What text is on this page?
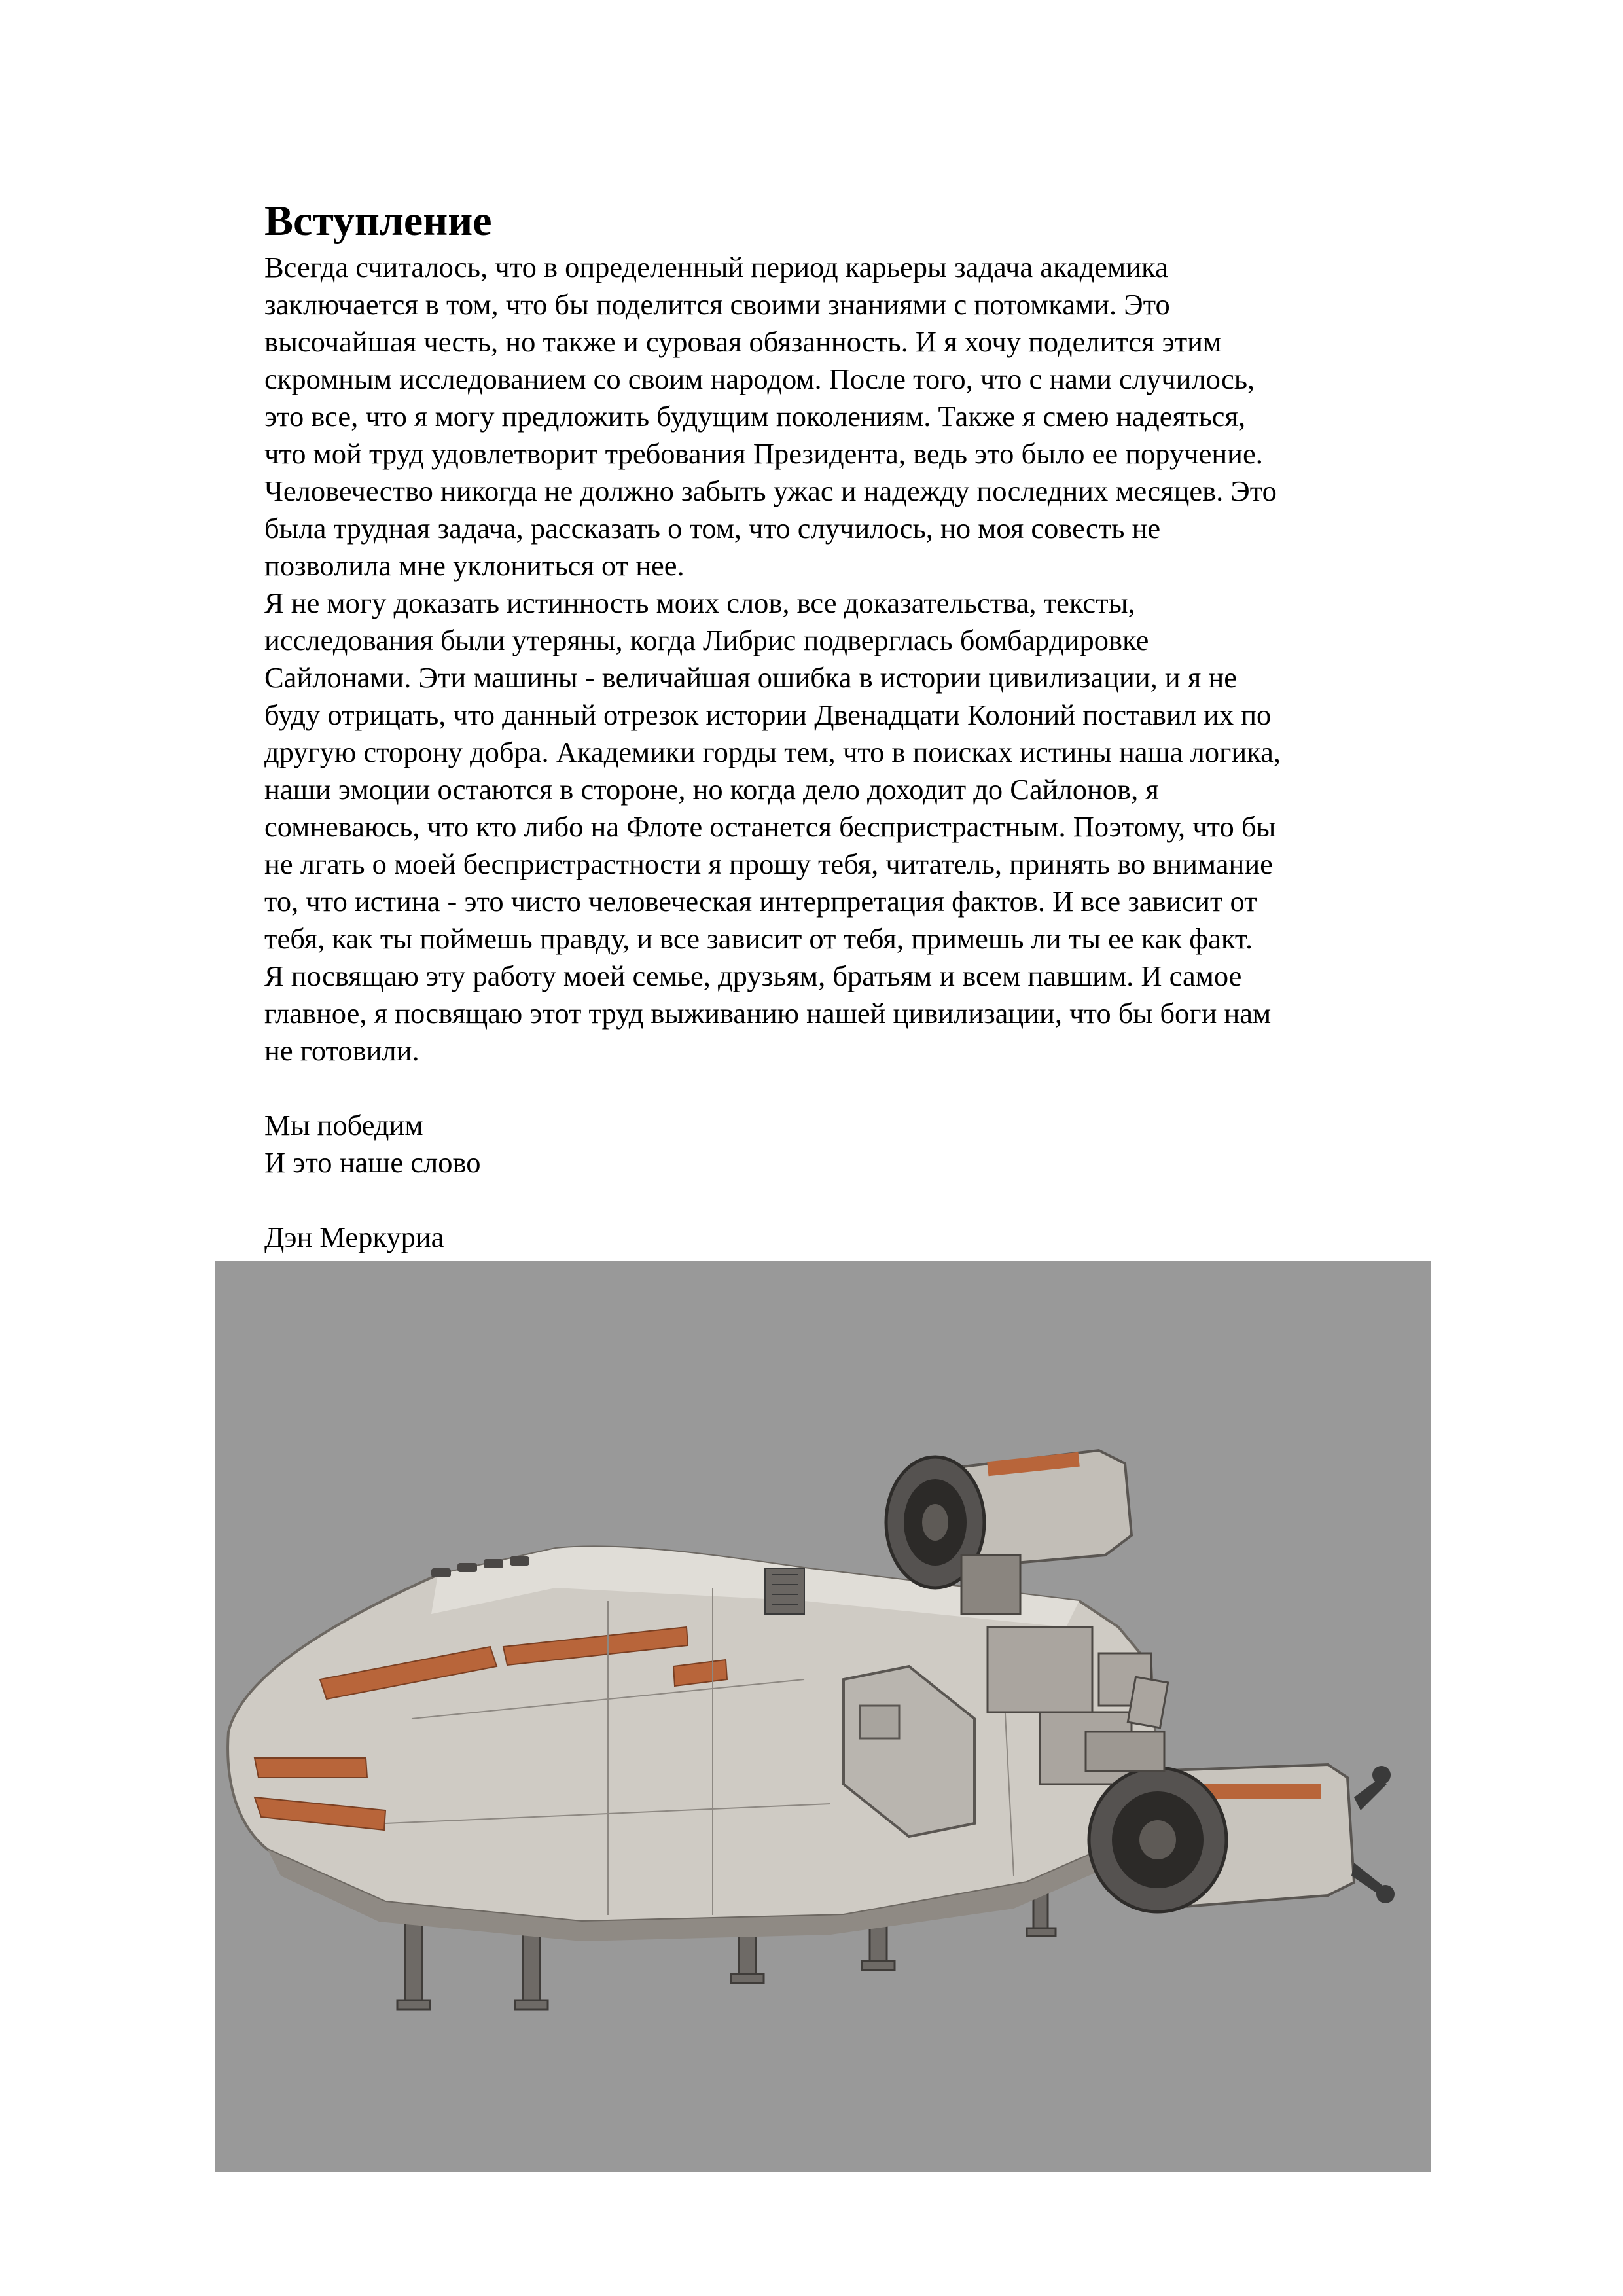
Вступление
Всегда считалось, что в определенный период карьеры задача академика
заключается в том, что бы поделится своими знаниями с потомками. Это
высочайшая честь, но также и суровая обязанность. И я хочу поделится этим
скромным исследованием со своим народом. После того, что с нами случилось,
это все, что я могу предложить будущим поколениям. Также я смею надеяться,
что мой труд удовлетворит требования Президента, ведь это было ее поручение.
Человечество никогда не должно забыть ужас и надежду последних месяцев. Это
была трудная задача, рассказать о том, что случилось, но моя совесть не
позволила мне уклониться от нее.
Я не могу доказать истинность моих слов, все доказательства, тексты,
исследования были утеряны, когда Либрис подверглась бомбардировке
Сайлонами. Эти машины - величайшая ошибка в истории цивилизации, и я не
буду отрицать, что данный отрезок истории Двенадцати Колоний поставил их по
другую сторону добра. Академики горды тем, что в поисках истины наша логика,
наши эмоции остаются в стороне, но когда дело доходит до Сайлонов, я
сомневаюсь, что кто либо на Флоте останется беспристрастным. Поэтому, что бы
не лгать о моей беспристрастности я прошу тебя, читатель, принять во внимание
то, что истина - это чисто человеческая интерпретация фактов. И все зависит от
тебя, как ты поймешь правду, и все зависит от тебя, примешь ли ты ее как факт.
Я посвящаю эту работу моей семье, друзьям, братьям и всем павшим. И самое
главное, я посвящаю этот труд выживанию нашей цивилизации, что бы боги нам
не готовили.
Мы победим
И это наше слово
Дэн Меркуриа
